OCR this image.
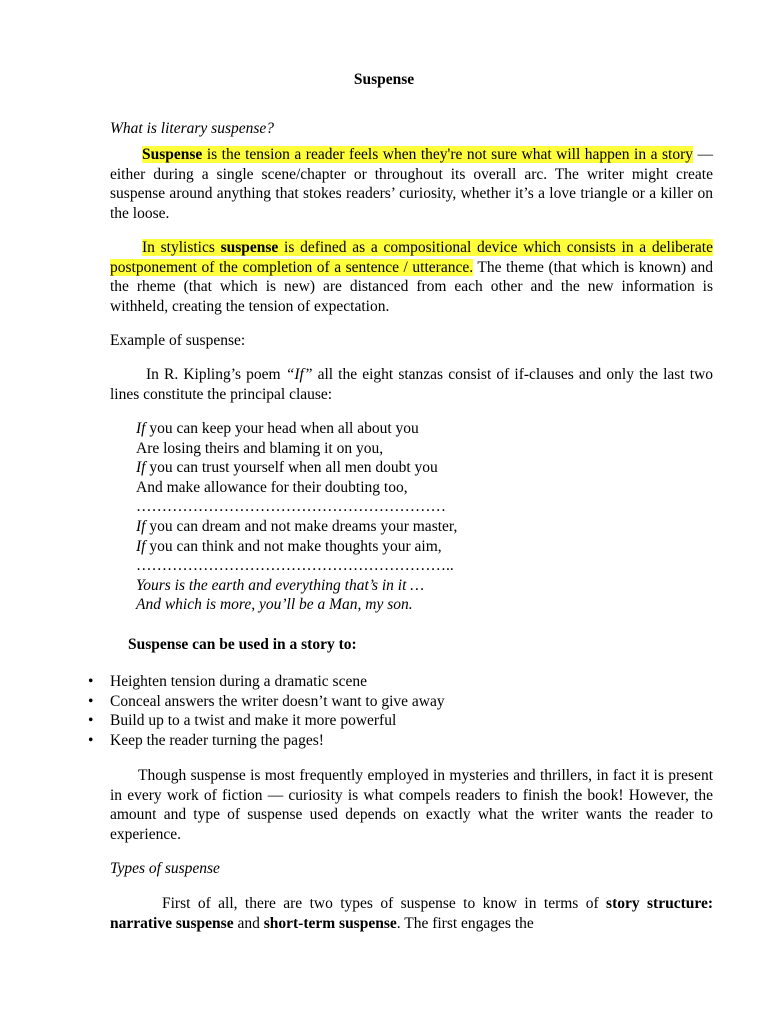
Suspense
What is literary suspense?
Suspense is the tension a reader feels when they're not sure what will happen in a story — either during a single scene/chapter or throughout its overall arc. The writer might create suspense around anything that stokes readers’ curiosity, whether it’s a love triangle or a killer on the loose.
In stylistics suspense is defined as a compositional device which consists in a deliberate postponement of the completion of a sentence / utterance. The theme (that which is known) and the rheme (that which is new) are distanced from each other and the new information is withheld, creating the tension of expectation.
Example of suspense:
In R. Kipling’s poem “If” all the eight stanzas consist of if-clauses and only the last two lines constitute the principal clause:
If you can keep your head when all about you
Are losing theirs and blaming it on you,
If you can trust yourself when all men doubt you
And make allowance for their doubting too,
……………………………………………………
If you can dream and not make dreams your master,
If you can think and not make thoughts your aim,
……………………………………………………..
Yours is the earth and everything that’s in it …
And which is more, you’ll be a Man, my son.
Suspense can be used in a story to:
• Heighten tension during a dramatic scene
• Conceal answers the writer doesn’t want to give away
• Build up to a twist and make it more powerful
• Keep the reader turning the pages!
Though suspense is most frequently employed in mysteries and thrillers, in fact it is present in every work of fiction — curiosity is what compels readers to finish the book! However, the amount and type of suspense used depends on exactly what the writer wants the reader to experience.
Types of suspense
First of all, there are two types of suspense to know in terms of story structure: narrative suspense and short-term suspense. The first engages the
